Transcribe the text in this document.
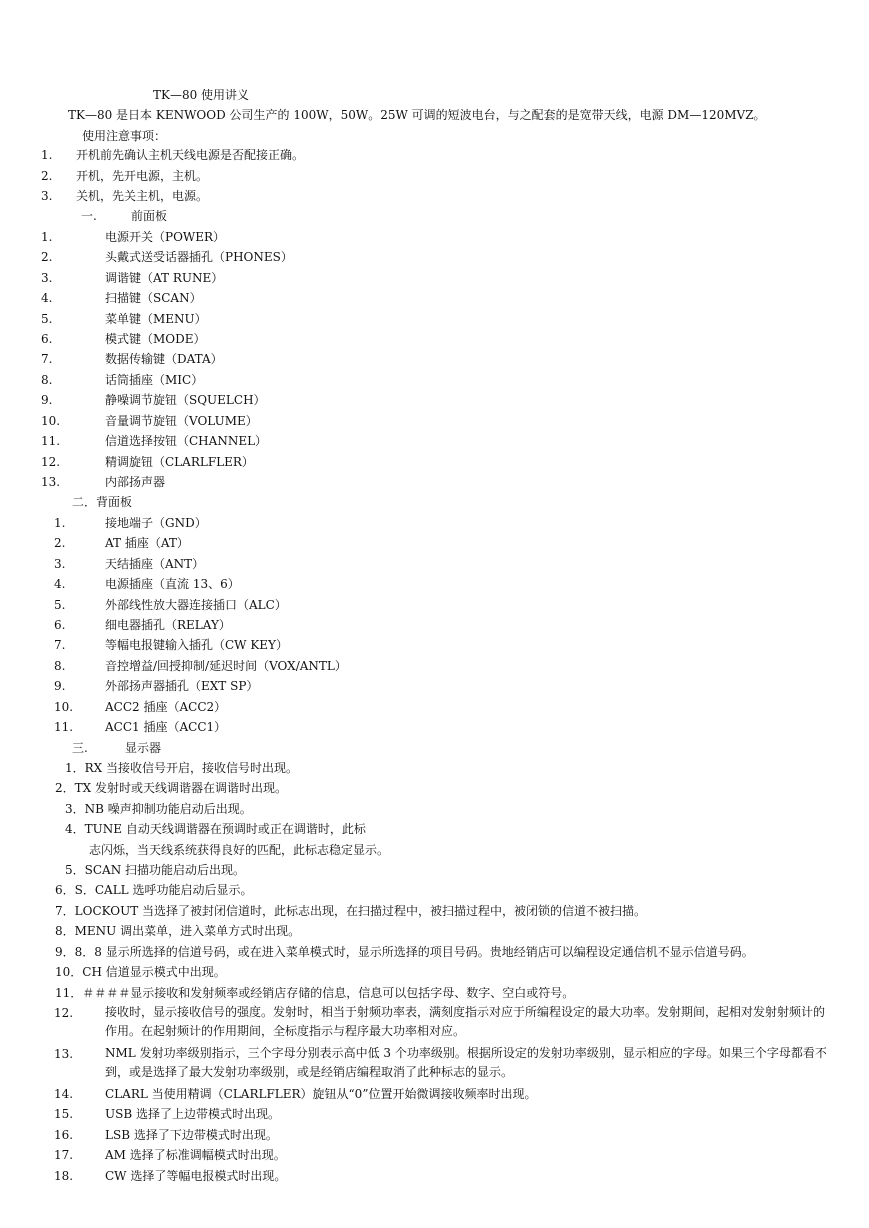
TK—80 使用讲义
TK—80 是日本 KENWOOD 公司生产的 100W，50W。25W 可调的短波电台，与之配套的是宽带天线，电源 DM—120MVZ。
使用注意事项：
1. 开机前先确认主机天线电源是否配接正确。
2. 开机，先开电源，主机。
3. 关机，先关主机，电源。
一.	前面板
1.	电源开关（POWER）
2.	头戴式送受话器插孔（PHONES）
3.	调谐键（AT RUNE）
4.	扫描键（SCAN）
5.	菜单键（MENU）
6.	模式键（MODE）
7.	数据传输键（DATA）
8.	话筒插座（MIC）
9.	静噪调节旋钮（SQUELCH）
10.	音量调节旋钮（VOLUME）
11.	信道选择按钮（CHANNEL）
12.	精调旋钮（CLARLFLER）
13.	内部扬声器
二．背面板
1.	接地端子（GND）
2.	AT 插座（AT）
3.	天结插座（ANT）
4.	电源插座（直流 13、6）
5.	外部线性放大器连接插口（ALC）
6.	细电器插孔（RELAY）
7.	等幅电报键输入插孔（CW KEY）
8.	音控增益/回授抑制/延迟时间（VOX/ANTL）
9.	外部扬声器插孔（EXT SP）
10.	ACC2 插座（ACC2）
11.	ACC1 插座（ACC1）
三.	显示器
1．RX 当接收信号开启，接收信号时出现。
2．TX 发射时或天线调谐器在调谐时出现。
3．NB 噪声抑制功能启动后出现。
4．TUNE 自动天线调谐器在预调时或正在调谐时，此标
志闪烁，当天线系统获得良好的匹配，此标志稳定显示。
5．SCAN 扫描功能启动后出现。
6．S．CALL 选呼功能启动后显示。
7．LOCKOUT 当选择了被封闭信道时，此标志出现，在扫描过程中，被扫描过程中，被闭锁的信道不被扫描。
8．MENU 调出菜单，进入菜单方式时出现。
9．8．8 显示所选择的信道号码，或在进入菜单模式时，显示所选择的项目号码。贵地经销店可以编程设定通信机不显示信道号码。
10．CH 信道显示模式中出现。
11．＃＃＃＃显示接收和发射频率或经销店存储的信息，信息可以包括字母、数字、空白或符号。
12.	接收时，显示接收信号的强度。发射时，相当于射频功率表，满刻度指示对应于所编程设定的最大功率。发射期间，起相对发射射频计的作用。在起射频计的作用期间，全标度指示与程序最大功率相对应。
13.	NML 发射功率级别指示，三个字母分别表示高中低 3 个功率级别。根据所设定的发射功率级别，显示相应的字母。如果三个字母都看不到，或是选择了最大发射功率级别，或是经销店编程取消了此种标志的显示。
14.	CLARL 当使用精调（CLARLFLER）旋钮从“0”位置开始微调接收频率时出现。
15.	USB 选择了上边带模式时出现。
16.	LSB 选择了下边带模式时出现。
17.	AM 选择了标准调幅模式时出现。
18.	CW 选择了等幅电报模式时出现。
